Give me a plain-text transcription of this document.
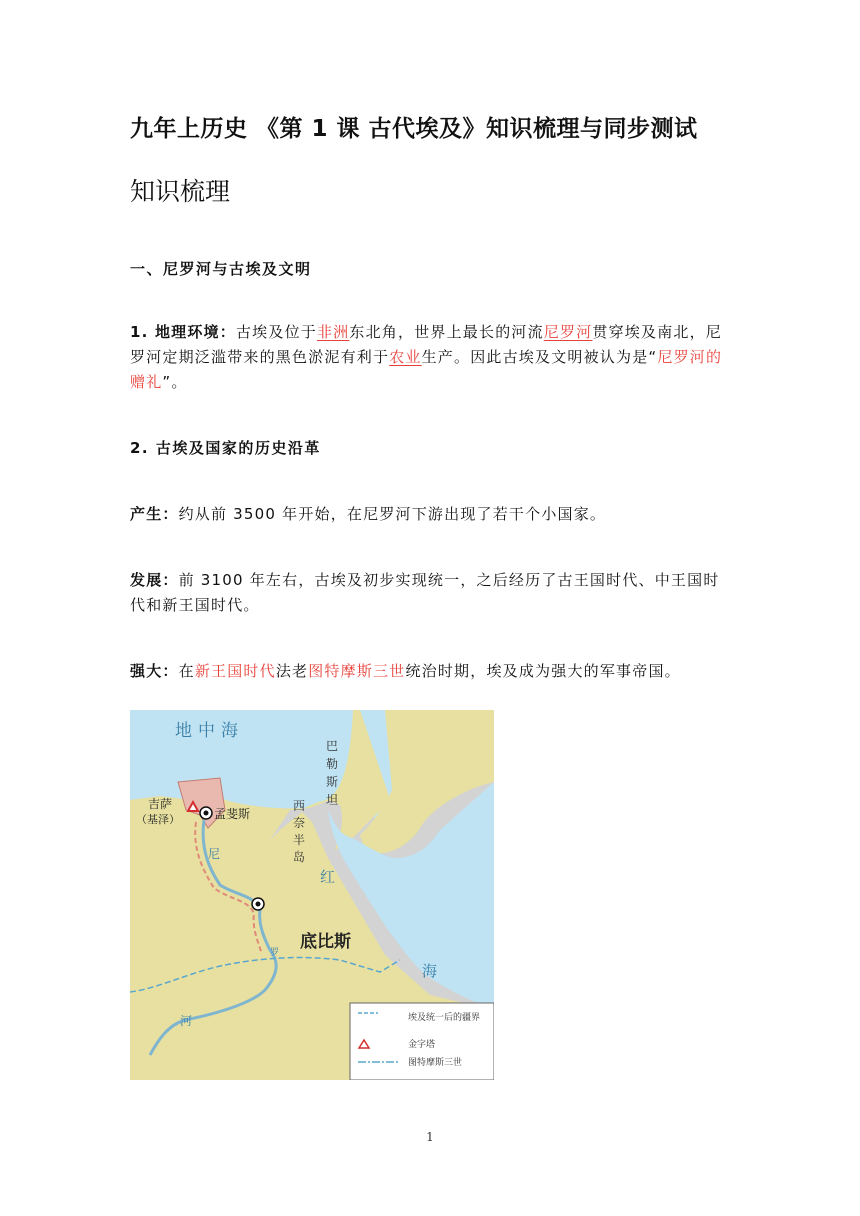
九年上历史 《第 1 课 古代埃及》知识梳理与同步测试
知识梳理
一、尼罗河与古埃及文明

1. 地理环境：古埃及位于非洲东北角，世界上最长的河流尼罗河贯穿埃及南北，尼罗河定期泛滥带来的黑色淤泥有利于农业生产。因此古埃及文明被认为是“尼罗河的赠礼”。

2. 古埃及国家的历史沿革

产生：约从前 3500 年开始，在尼罗河下游出现了若干个小国家。

发展：前 3100 年左右，古埃及初步实现统一，之后经历了古王国时代、中王国时代和新王国时代。

强大：在新王国时代法老图特摩斯三世统治时期，埃及成为强大的军事帝国。

地中海
巴
勒
斯
坦
西
奈
半
岛
吉萨
（基泽）	孟斐斯
底比斯
红
海
尼
罗
河	埃及统一后的疆界
金字塔
图特摩斯三世
1
